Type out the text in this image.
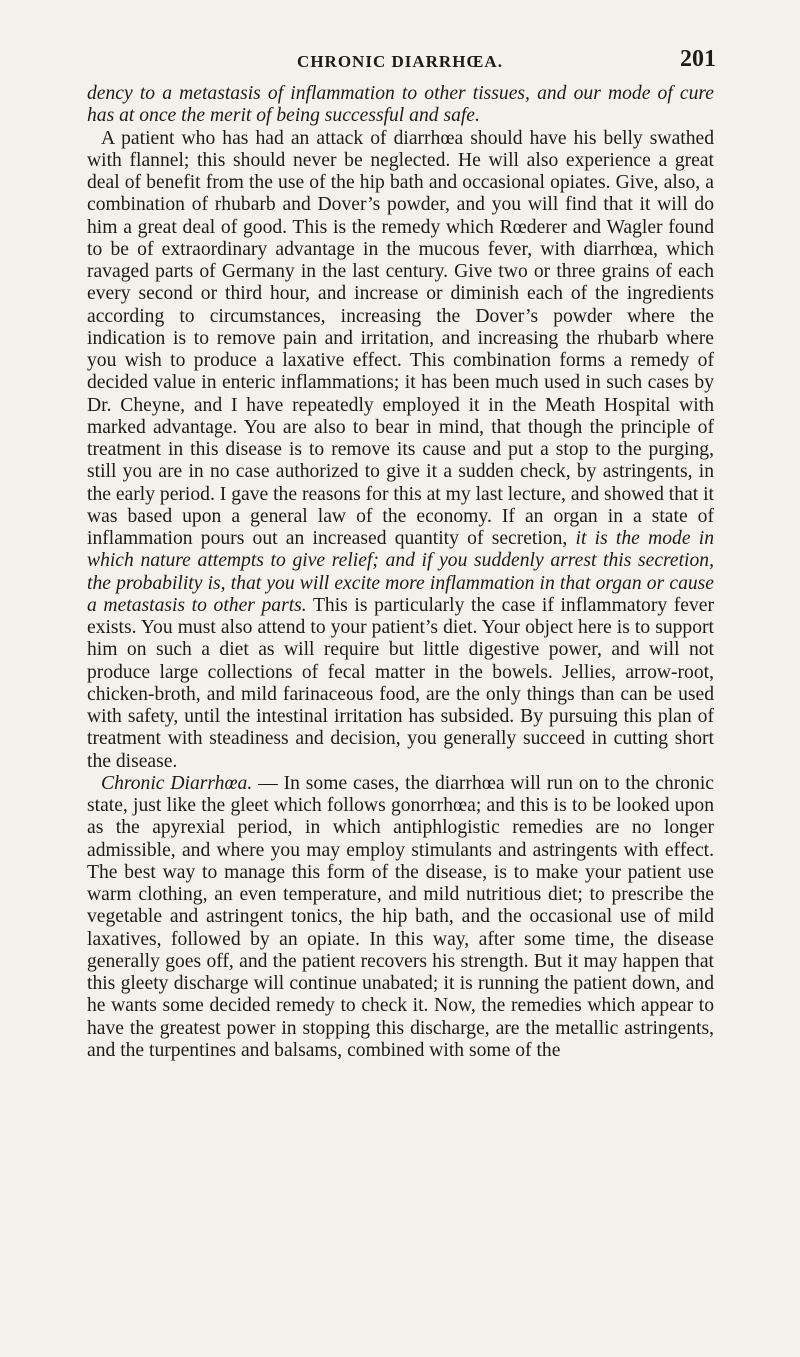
CHRONIC DIARRHŒA.	201

dency to a metastasis of inflammation to other tissues, and our mode of cure has at once the merit of being successful and safe.

A patient who has had an attack of diarrhœa should have his belly swathed with flannel; this should never be neglected. He will also experience a great deal of benefit from the use of the hip bath and occasional opiates. Give, also, a combination of rhubarb and Dover’s powder, and you will find that it will do him a great deal of good. This is the remedy which Rœderer and Wagler found to be of extraordinary advantage in the mucous fever, with diarrhœa, which ravaged parts of Germany in the last century. Give two or three grains of each every second or third hour, and increase or diminish each of the ingredients according to circumstances, increasing the Dover’s powder where the indication is to remove pain and irritation, and increasing the rhubarb where you wish to produce a laxative effect. This combination forms a remedy of decided value in enteric inflammations; it has been much used in such cases by Dr. Cheyne, and I have repeatedly employed it in the Meath Hospital with marked advantage. You are also to bear in mind, that though the principle of treatment in this disease is to remove its cause and put a stop to the purging, still you are in no case authorized to give it a sudden check, by astringents, in the early period. I gave the reasons for this at my last lecture, and showed that it was based upon a general law of the economy. If an organ in a state of inflammation pours out an increased quantity of secretion, it is the mode in which nature attempts to give relief; and if you suddenly arrest this secretion, the probability is, that you will excite more inflammation in that organ or cause a metastasis to other parts. This is particularly the case if inflammatory fever exists. You must also attend to your patient’s diet. Your object here is to support him on such a diet as will require but little digestive power, and will not produce large collections of fecal matter in the bowels. Jellies, arrow-root, chicken-broth, and mild farinaceous food, are the only things than can be used with safety, until the intestinal irritation has subsided. By pursuing this plan of treatment with steadiness and decision, you generally succeed in cutting short the disease.

Chronic Diarrhœa. — In some cases, the diarrhœa will run on to the chronic state, just like the gleet which follows gonorrhœa; and this is to be looked upon as the apyrexial period, in which antiphlogistic remedies are no longer admissible, and where you may employ stimulants and astringents with effect. The best way to manage this form of the disease, is to make your patient use warm clothing, an even temperature, and mild nutritious diet; to prescribe the vegetable and astringent tonics, the hip bath, and the occasional use of mild laxatives, followed by an opiate. In this way, after some time, the disease generally goes off, and the patient recovers his strength. But it may happen that this gleety discharge will continue unabated; it is running the patient down, and he wants some decided remedy to check it. Now, the remedies which appear to have the greatest power in stopping this discharge, are the metallic astringents, and the turpentines and balsams, combined with some of the
